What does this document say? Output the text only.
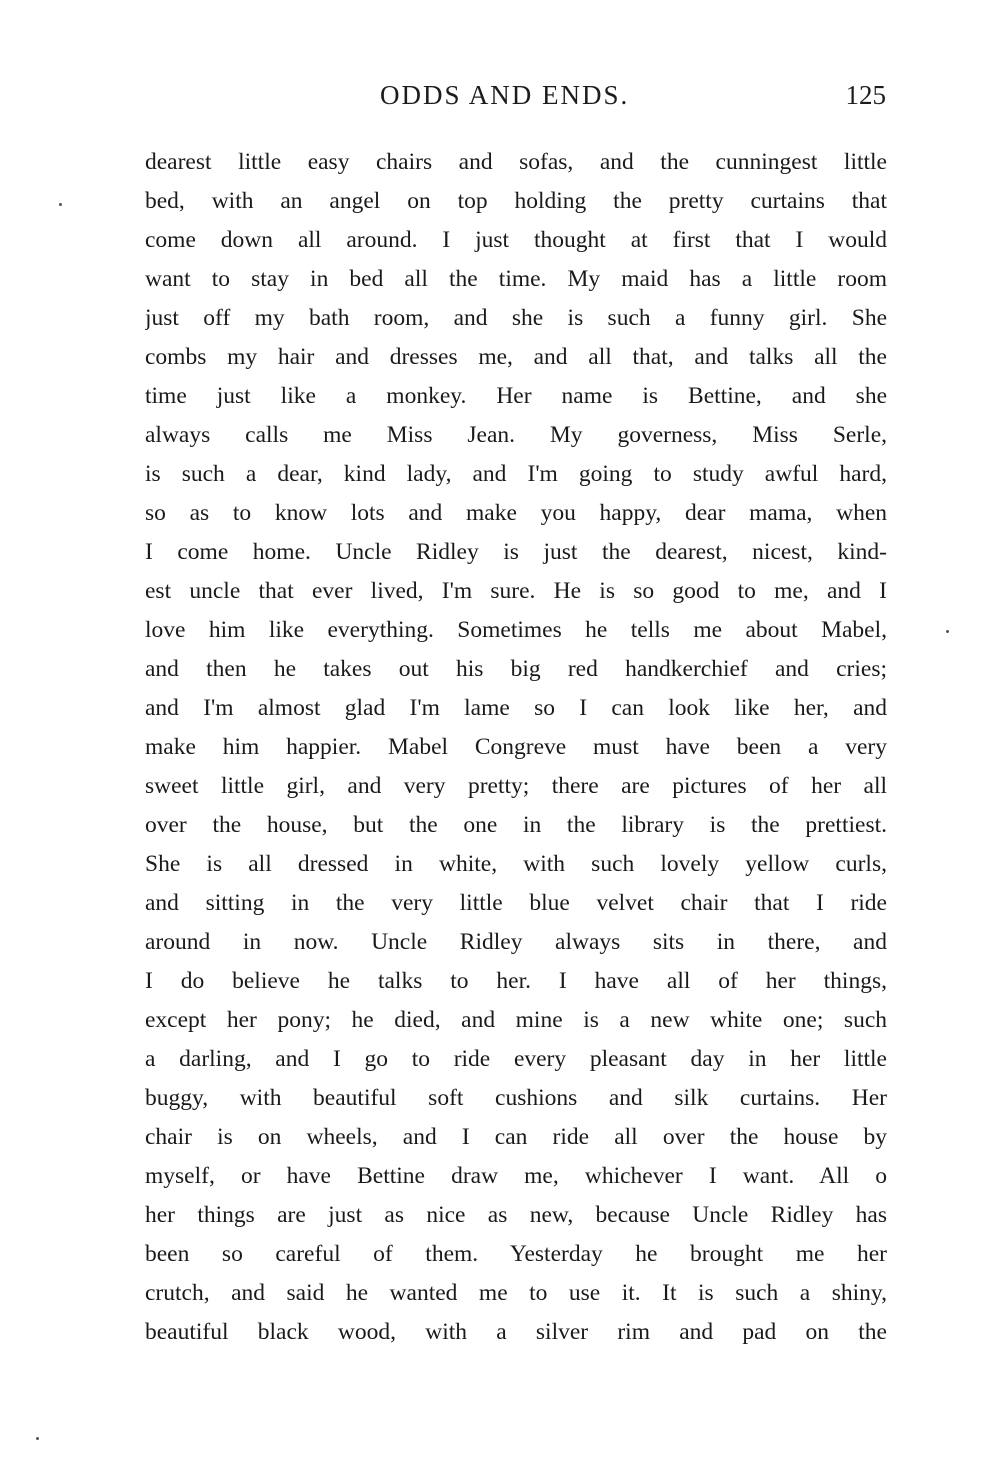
ODDS AND ENDS.	125
dearest little easy chairs and sofas, and the cunningest little
bed, with an angel on top holding the pretty curtains that
come down all around. I just thought at first that I would
want to stay in bed all the time. My maid has a little room
just off my bath room, and she is such a funny girl. She
combs my hair and dresses me, and all that, and talks all the
time just like a monkey. Her name is Bettine, and she
always calls me Miss Jean. My governess, Miss Serle,
is such a dear, kind lady, and I'm going to study awful hard,
so as to know lots and make you happy, dear mama, when
I come home. Uncle Ridley is just the dearest, nicest, kind-
est uncle that ever lived, I'm sure. He is so good to me, and I
love him like everything. Sometimes he tells me about Mabel,
and then he takes out his big red handkerchief and cries;
and I'm almost glad I'm lame so I can look like her, and
make him happier. Mabel Congreve must have been a very
sweet little girl, and very pretty; there are pictures of her all
over the house, but the one in the library is the prettiest.
She is all dressed in white, with such lovely yellow curls,
and sitting in the very little blue velvet chair that I ride
around in now. Uncle Ridley always sits in there, and
I do believe he talks to her. I have all of her things,
except her pony; he died, and mine is a new white one; such
a darling, and I go to ride every pleasant day in her little
buggy, with beautiful soft cushions and silk curtains. Her
chair is on wheels, and I can ride all over the house by
myself, or have Bettine draw me, whichever I want. All o
her things are just as nice as new, because Uncle Ridley has
been so careful of them. Yesterday he brought me her
crutch, and said he wanted me to use it. It is such a shiny,
beautiful black wood, with a silver rim and pad on the
